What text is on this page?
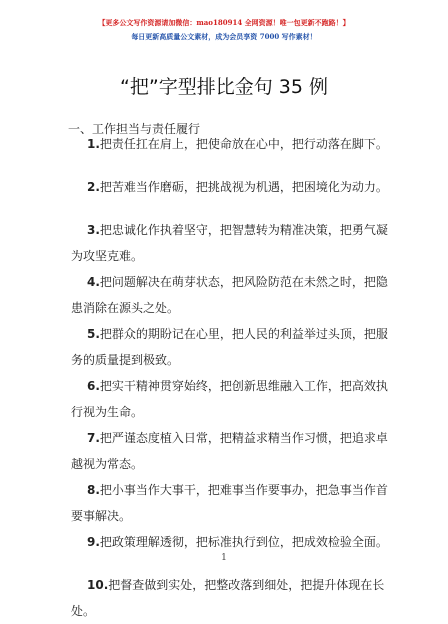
【更多公文写作资源请加微信：mao180914 全网资源！唯一包更新不跑路！】
每日更新高质量公文素材，成为会员享资 7000 写作素材！
“把”字型排比金句 35 例
一、工作担当与责任履行
1.把责任扛在肩上，把使命放在心中，把行动落在脚下。
2.把苦难当作磨砺，把挑战视为机遇，把困境化为动力。
3.把忠诚化作执着坚守，把智慧转为精准决策，把勇气凝
为攻坚克难。
4.把问题解决在萌芽状态，把风险防范在未然之时，把隐
患消除在源头之处。
5.把群众的期盼记在心里，把人民的利益举过头顶，把服
务的质量提到极致。
6.把实干精神贯穿始终，把创新思维融入工作，把高效执
行视为生命。
7.把严谨态度植入日常，把精益求精当作习惯，把追求卓
越视为常态。
8.把小事当作大事干，把难事当作要事办，把急事当作首
要事解决。
9.把政策理解透彻，把标准执行到位，把成效检验全面。
10.把督查做到实处，把整改落到细处，把提升体现在长
处。
1
